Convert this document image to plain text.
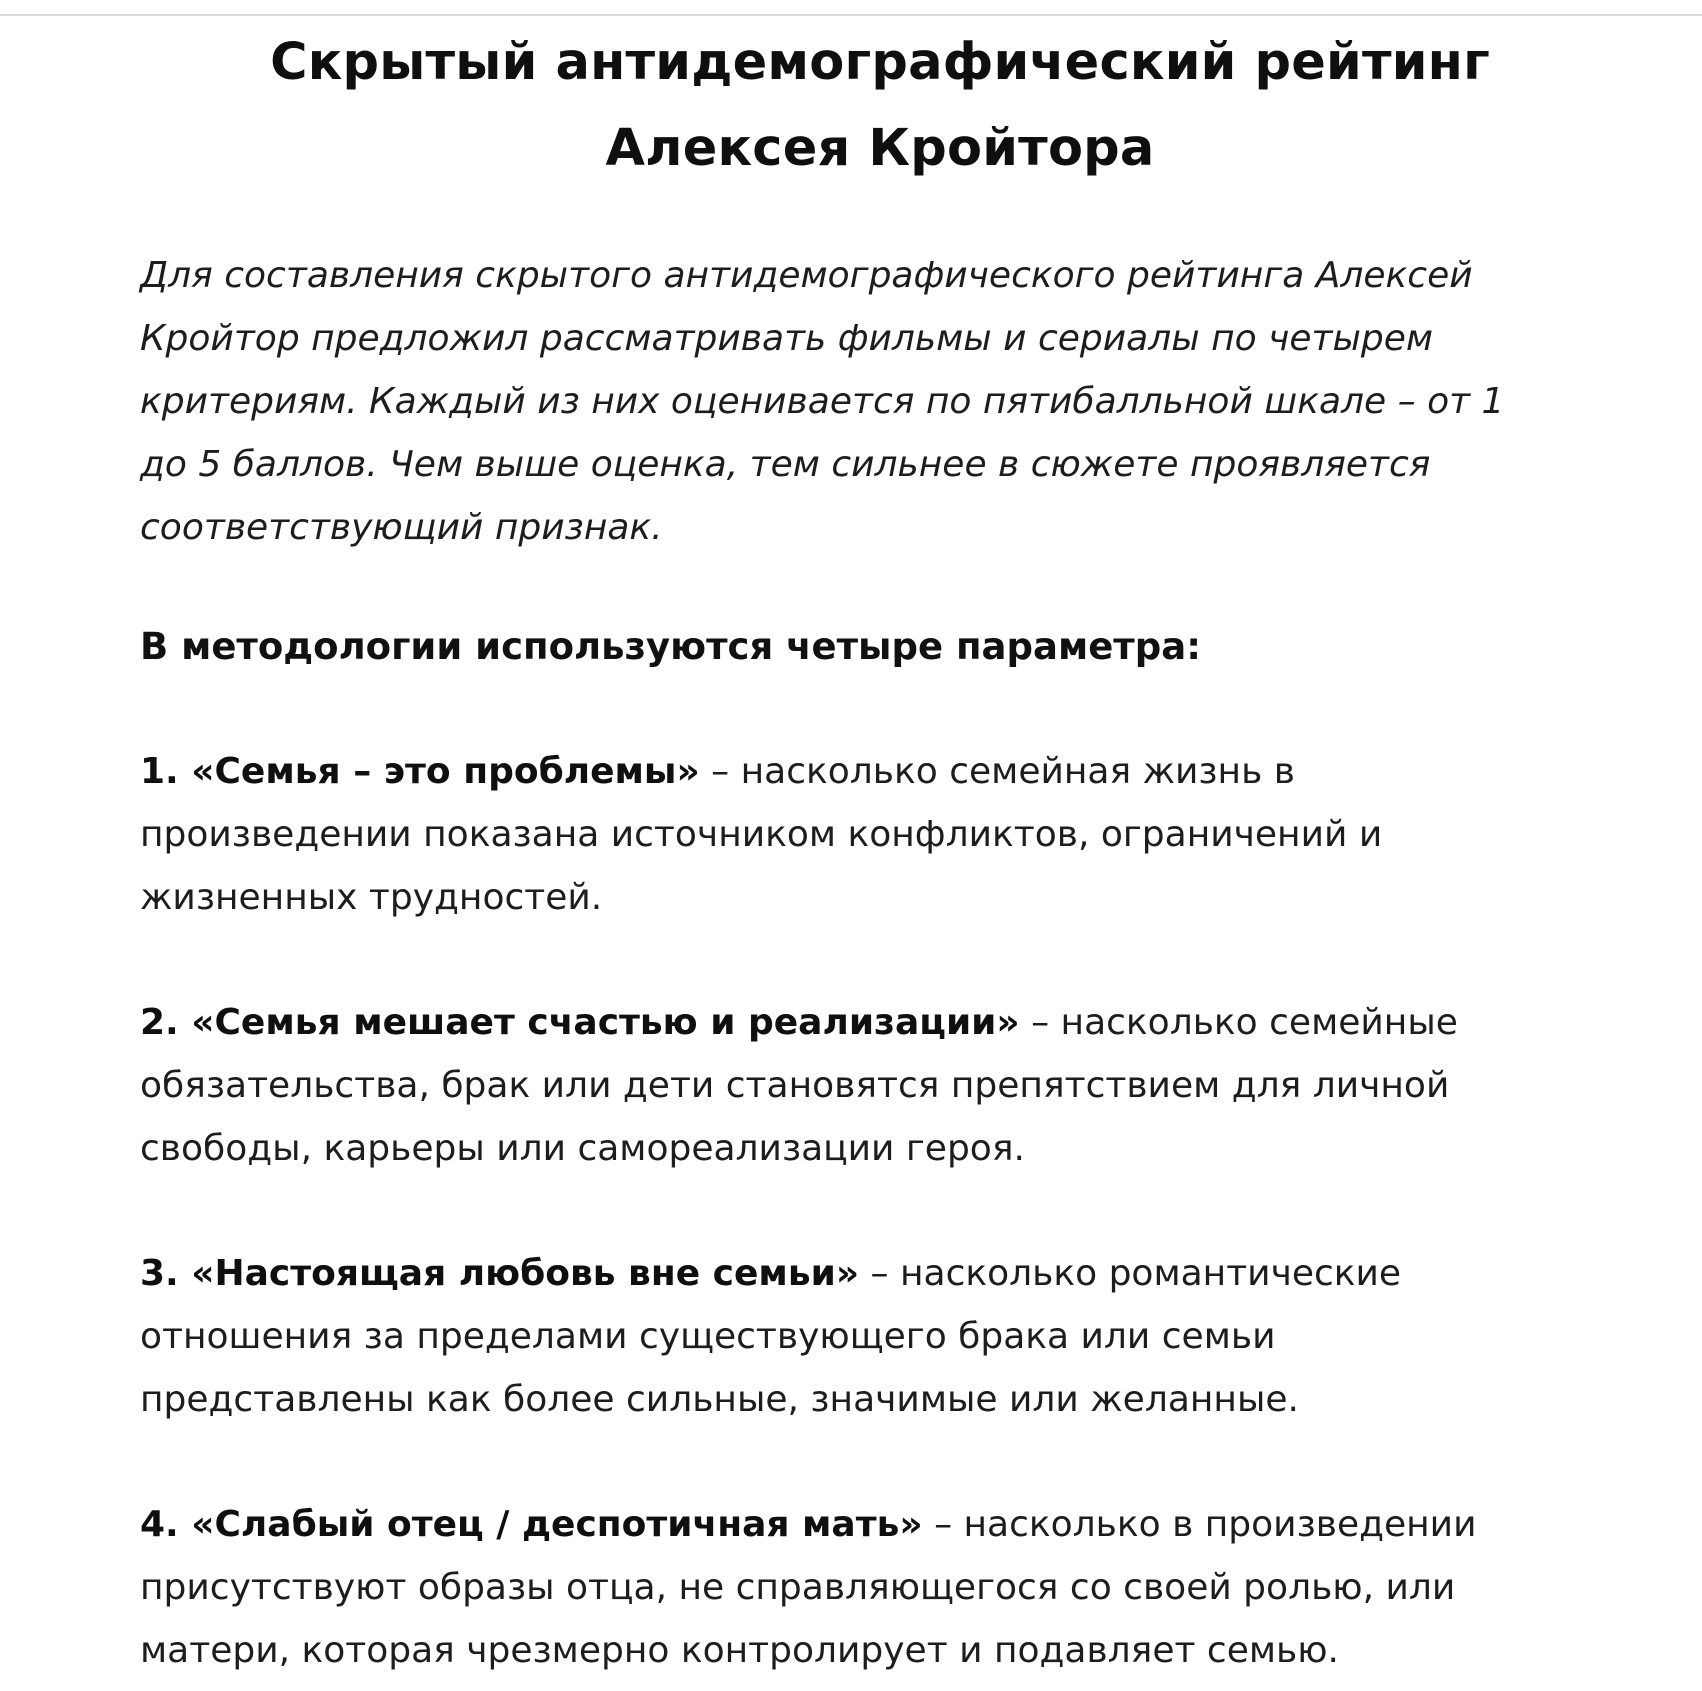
Скрытый антидемографический рейтинг
Алексея Кройтора

Для составления скрытого антидемографического рейтинга Алексей
Кройтор предложил рассматривать фильмы и сериалы по четырем
критериям. Каждый из них оценивается по пятибалльной шкале – от 1
до 5 баллов. Чем выше оценка, тем сильнее в сюжете проявляется
соответствующий признак.

В методологии используются четыре параметра:

1. «Семья – это проблемы» – насколько семейная жизнь в
произведении показана источником конфликтов, ограничений и
жизненных трудностей.

2. «Семья мешает счастью и реализации» – насколько семейные
обязательства, брак или дети становятся препятствием для личной
свободы, карьеры или самореализации героя.

3. «Настоящая любовь вне семьи» – насколько романтические
отношения за пределами существующего брака или семьи
представлены как более сильные, значимые или желанные.

4. «Слабый отец / деспотичная мать» – насколько в произведении
присутствуют образы отца, не справляющегося со своей ролью, или
матери, которая чрезмерно контролирует и подавляет семью.
